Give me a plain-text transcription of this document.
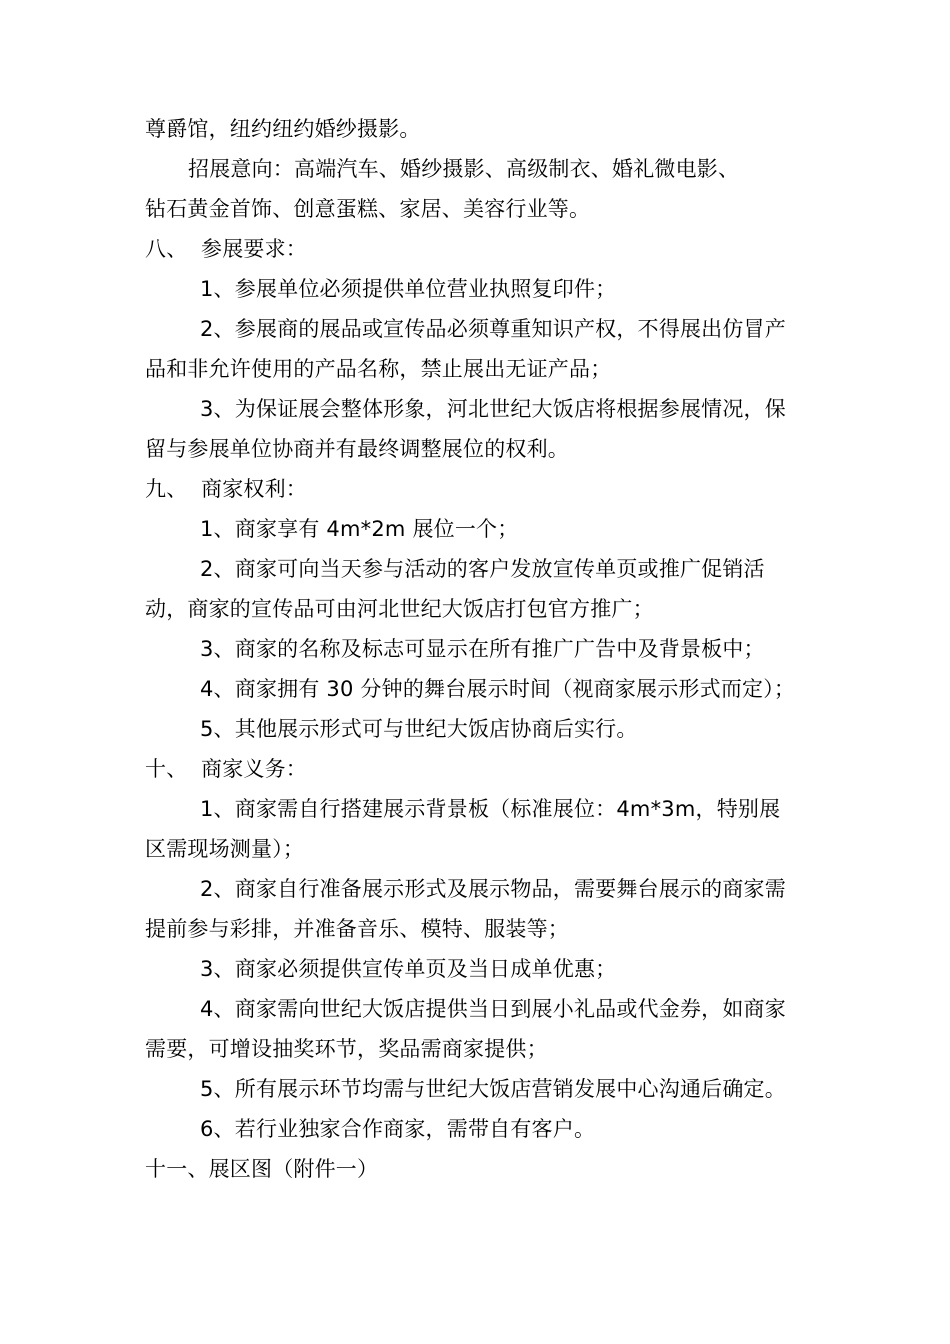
尊爵馆，纽约纽约婚纱摄影。
招展意向：高端汽车、婚纱摄影、高级制衣、婚礼微电影、
钻石黄金首饰、创意蛋糕、家居、美容行业等。
八、 参展要求：
1、参展单位必须提供单位营业执照复印件；
2、参展商的展品或宣传品必须尊重知识产权，不得展出仿冒产
品和非允许使用的产品名称，禁止展出无证产品；
3、为保证展会整体形象，河北世纪大饭店将根据参展情况，保
留与参展单位协商并有最终调整展位的权利。
九、 商家权利：
1、商家享有 4m*2m 展位一个；
2、商家可向当天参与活动的客户发放宣传单页或推广促销活
动，商家的宣传品可由河北世纪大饭店打包官方推广；
3、商家的名称及标志可显示在所有推广广告中及背景板中；
4、商家拥有 30 分钟的舞台展示时间（视商家展示形式而定）；
5、其他展示形式可与世纪大饭店协商后实行。
十、 商家义务：
1、商家需自行搭建展示背景板（标准展位：4m*3m，特别展
区需现场测量）；
2、商家自行准备展示形式及展示物品，需要舞台展示的商家需
提前参与彩排，并准备音乐、模特、服装等；
3、商家必须提供宣传单页及当日成单优惠；
4、商家需向世纪大饭店提供当日到展小礼品或代金券，如商家
需要，可增设抽奖环节，奖品需商家提供；
5、所有展示环节均需与世纪大饭店营销发展中心沟通后确定。
6、若行业独家合作商家，需带自有客户。
十一、展区图（附件一）
